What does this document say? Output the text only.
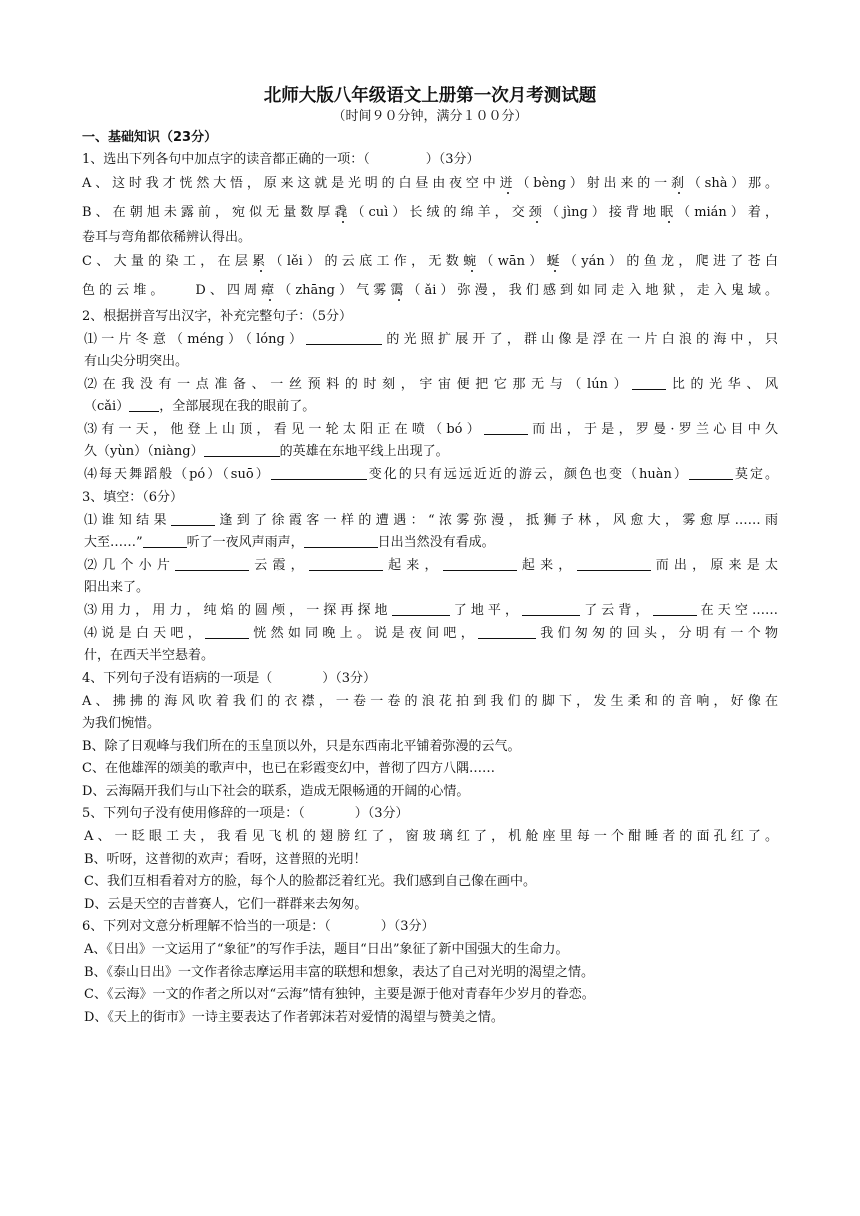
北师大版八年级语文上册第一次月考测试题
（时间９０分钟，满分１００分）
一、基础知识（23分）
1、选出下列各句中加点字的读音都正确的一项：（	）（3分）
A、这时我才恍然大悟，原来这就是光明的白昼由夜空中迸（bèng）射出来的一刹（shà）那。
B、在朝旭未露前，宛似无量数厚毳（cuì）长绒的绵羊，交颈（jìng）接背地眠（mián）着，
卷耳与弯角都依稀辨认得出。
C、大量的染工，在层累（lěi）的云底工作，无数蜿（wān）蜒（yán）的鱼龙，爬进了苍白
色的云堆。 D、四周瘴（zhāng）气雾霭（ǎi）弥漫，我们感到如同走入地狱，走入鬼域。
2、根据拼音写出汉字，补充完整句子：（5分）
⑴一片冬意（méng）（lóng）	的光照扩展开了，群山像是浮在一片白浪的海中，只
有山尖分明突出。
⑵在我没有一点准备、一丝预料的时刻，宇宙便把它那无与（lún）	比的光华、风
（cǎi） ，全部展现在我的眼前了。
⑶有一天，他登上山顶，看见一轮太阳正在喷（bó）	而出，于是，罗曼·罗兰心目中久
久（yùn）（niàng）	的英雄在东地平线上出现了。
⑷每天舞蹈般（pó）（suō）	变化的只有远远近近的游云，颜色也变（huàn）	莫定。
3、填空：（6分）
⑴谁知结果	逢到了徐霞客一样的遭遇：“浓雾弥漫，抵狮子林，风愈大，雾愈厚……雨
大至……”	听了一夜风声雨声，	日出当然没有看成。
⑵几个小片	云霞，	起来，	起来，	而出，原来是太
阳出来了。
⑶用力，用力，纯焰的圆颅，一探再探地	了地平，	了云背，	在天空……
⑷说是白天吧，	恍然如同晚上。说是夜间吧，	我们匆匆的回头，分明有一个物
什，在西天半空悬着。
4、下列句子没有语病的一项是（	）（3分）
A、拂拂的海风吹着我们的衣襟，一卷一卷的浪花拍到我们的脚下，发生柔和的音响，好像在
为我们惋惜。
B、除了日观峰与我们所在的玉皇顶以外，只是东西南北平铺着弥漫的云气。
C、在他雄浑的颂美的歌声中，也已在彩霞变幻中，普彻了四方八隅……
D、云海隔开我们与山下社会的联系，造成无限畅通的开阔的心情。
5、下列句子没有使用修辞的一项是：（	）（3分）
A、一眨眼工夫，我看见飞机的翅膀红了，窗玻璃红了，机舱座里每一个酣睡者的面孔红了。
B、听呀，这普彻的欢声；看呀，这普照的光明！
C、我们互相看着对方的脸，每个人的脸都泛着红光。我们感到自己像在画中。
D、云是天空的吉普赛人，它们一群群来去匆匆。
6、下列对文意分析理解不恰当的一项是：（	）（3分）
A、《日出》一文运用了“象征”的写作手法，题目“日出”象征了新中国强大的生命力。
B、《泰山日出》一文作者徐志摩运用丰富的联想和想象，表达了自己对光明的渴望之情。
C、《云海》一文的作者之所以对“云海”情有独钟，主要是源于他对青春年少岁月的眷恋。
D、《天上的街市》一诗主要表达了作者郭沫若对爱情的渴望与赞美之情。
